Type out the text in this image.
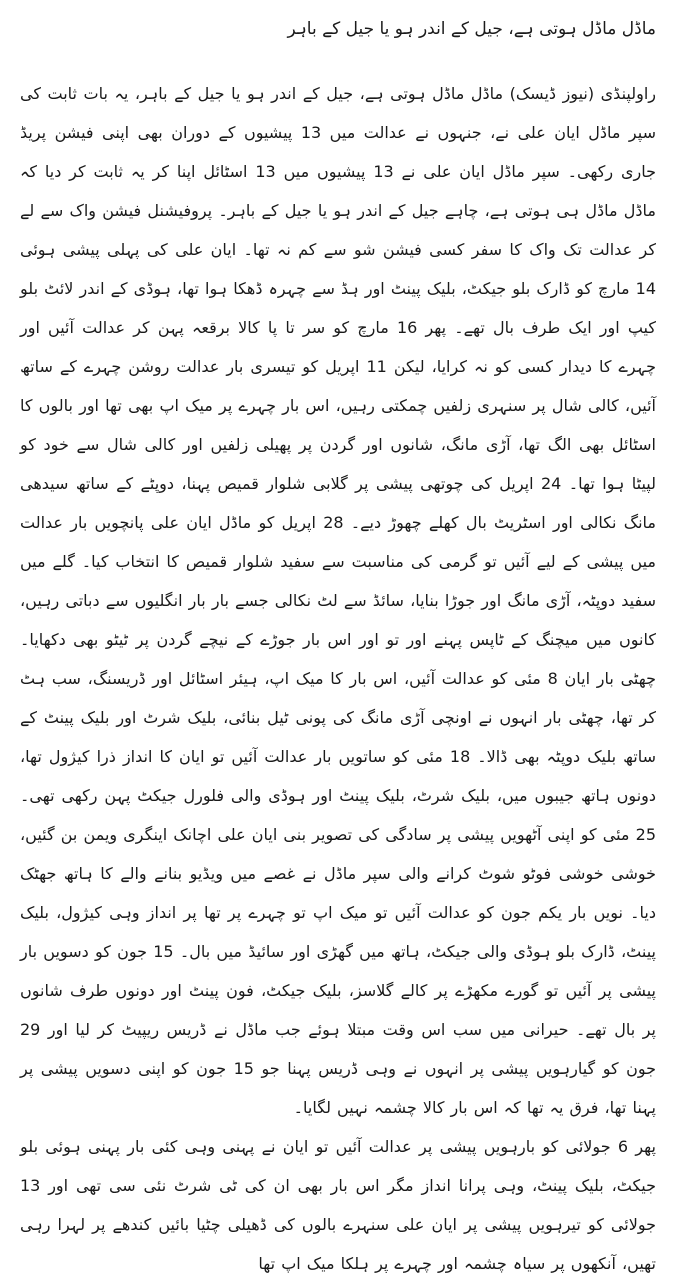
ماڈل ماڈل ہوتی ہے، جیل کے اندر ہو یا جیل کے باہر

راولپنڈی (نیوز ڈیسک) ماڈل ماڈل ہوتی ہے، جیل کے اندر ہو یا جیل کے باہر، یہ بات ثابت کی سپر ماڈل ایان علی نے، جنہوں نے عدالت میں 13 پیشیوں کے دوران بھی اپنی فیشن پریڈ جاری رکھی۔ سپر ماڈل ایان علی نے 13 پیشیوں میں 13 اسٹائل اپنا کر یہ ثابت کر دیا کہ ماڈل ماڈل ہی ہوتی ہے، چاہے جیل کے اندر ہو یا جیل کے باہر۔ پروفیشنل فیشن واک سے لے کر عدالت تک واک کا سفر کسی فیشن شو سے کم نہ تھا۔ ایان علی کی پہلی پیشی ہوئی 14 مارچ کو ڈارک بلو جیکٹ، بلیک پینٹ اور ہڈ سے چہرہ ڈھکا ہوا تھا، ہوڈی کے اندر لائٹ بلو کیپ اور ایک طرف بال تھے۔ پھر 16 مارچ کو سر تا پا کالا برقعہ پہن کر عدالت آئیں اور چہرے کا دیدار کسی کو نہ کرایا، لیکن 11 اپریل کو تیسری بار عدالت روشن چہرے کے ساتھ آئیں، کالی شال پر سنہری زلفیں چمکتی رہیں، اس بار چہرے پر میک اپ بھی تھا اور بالوں کا اسٹائل بھی الگ تھا، آڑی مانگ، شانوں اور گردن پر پھیلی زلفیں اور کالی شال سے خود کو لپیٹا ہوا تھا۔ 24 اپریل کی چوتھی پیشی پر گلابی شلوار قمیص پہنا، دوپٹے کے ساتھ سیدھی مانگ نکالی اور اسٹریٹ بال کھلے چھوڑ دیے۔ 28 اپریل کو ماڈل ایان علی پانچویں بار عدالت میں پیشی کے لیے آئیں تو گرمی کی مناسبت سے سفید شلوار قمیص کا انتخاب کیا۔ گلے میں سفید دوپٹہ، آڑی مانگ اور جوڑا بنایا، سائڈ سے لٹ نکالی جسے بار بار انگلیوں سے دباتی رہیں، کانوں میں میچنگ کے ٹاپس پہنے اور تو اور اس بار جوڑے کے نیچے گردن پر ٹیٹو بھی دکھایا۔ چھٹی بار ایان 8 مئی کو عدالت آئیں، اس بار کا میک اپ، ہیئر اسٹائل اور ڈریسنگ، سب ہٹ کر تھا، چھٹی بار انہوں نے اونچی آڑی مانگ کی پونی ٹیل بنائی، بلیک شرٹ اور بلیک پینٹ کے ساتھ بلیک دوپٹہ بھی ڈالا۔ 18 مئی کو ساتویں بار عدالت آئیں تو ایان کا انداز ذرا کیژول تھا، دونوں ہاتھ جیبوں میں، بلیک شرٹ، بلیک پینٹ اور ہوڈی والی فلورل جیکٹ پہن رکھی تھی۔ 25 مئی کو اپنی آٹھویں پیشی پر سادگی کی تصویر بنی ایان علی اچانک اینگری ویمن بن گئیں، خوشی خوشی فوٹو شوٹ کرانے والی سپر ماڈل نے غصے میں ویڈیو بنانے والے کا ہاتھ جھٹک دیا۔ نویں بار یکم جون کو عدالت آئیں تو میک اپ تو چہرے پر تھا پر انداز وہی کیژول، بلیک پینٹ، ڈارک بلو ہوڈی والی جیکٹ، ہاتھ میں گھڑی اور سائیڈ میں بال۔ 15 جون کو دسویں بار پیشی پر آئیں تو گورے مکھڑے پر کالے گلاسز، بلیک جیکٹ، فون پینٹ اور دونوں طرف شانوں پر بال تھے۔ حیرانی میں سب اس وقت مبتلا ہوئے جب ماڈل نے ڈریس ریپیٹ کر لیا اور 29 جون کو گیارہویں پیشی پر انہوں نے وہی ڈریس پہنا جو 15 جون کو اپنی دسویں پیشی پر پہنا تھا، فرق یہ تھا کہ اس بار کالا چشمہ نہیں لگایا۔

پھر 6 جولائی کو بارہویں پیشی پر عدالت آئیں تو ایان نے پہنی وہی کئی بار پہنی ہوئی بلو جیکٹ، بلیک پینٹ، وہی پرانا انداز مگر اس بار بھی ان کی ٹی شرٹ نئی سی تھی اور 13 جولائی کو تیرہویں پیشی پر ایان علی سنہرے بالوں کی ڈھیلی چٹیا بائیں کندھے پر لہرا رہی تھیں، آنکھوں پر سیاہ چشمہ اور چہرے پر ہلکا میک اپ تھا
